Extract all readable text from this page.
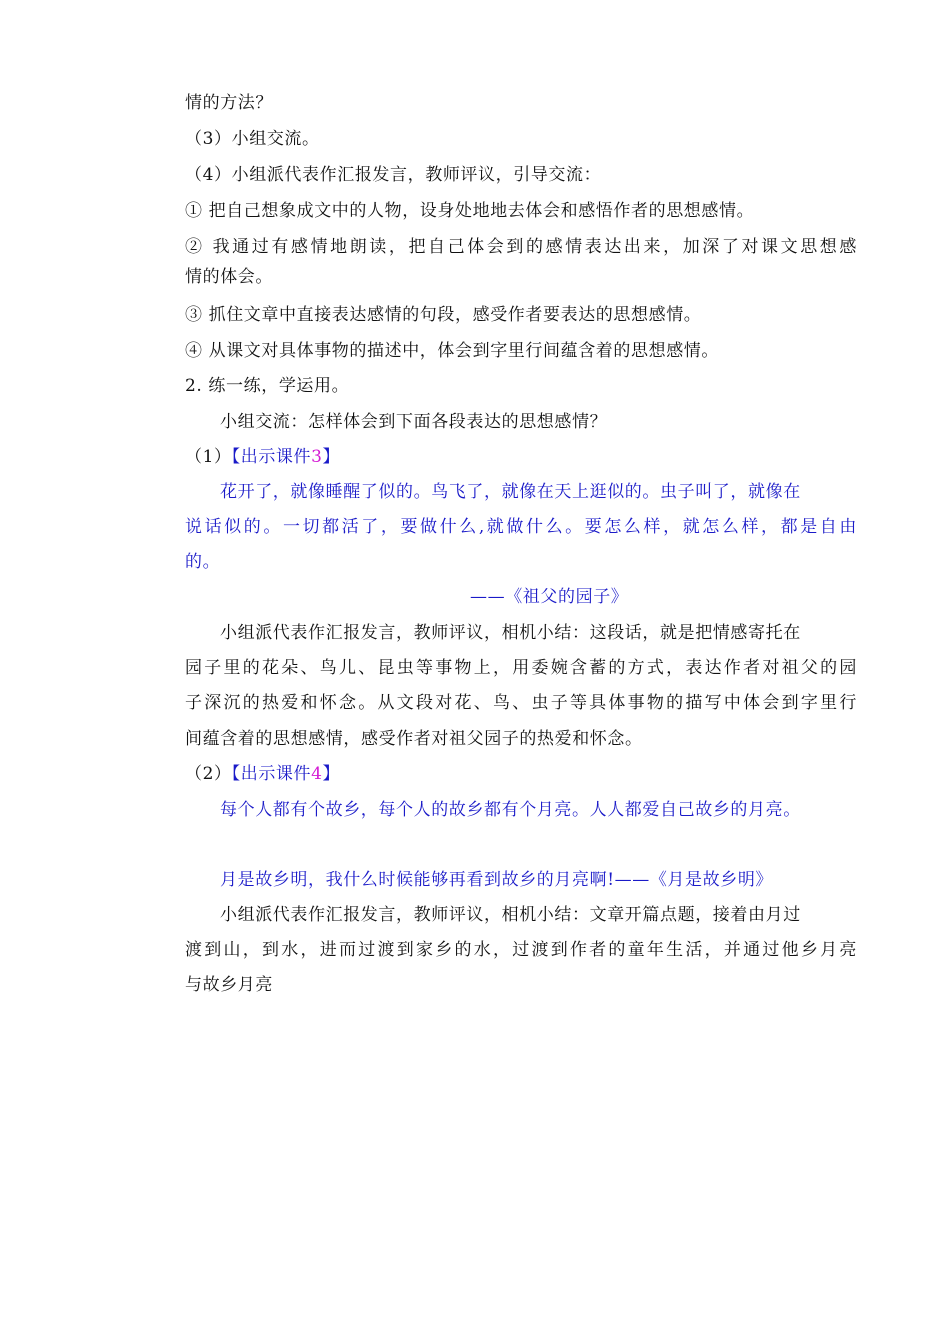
情的方法？
（3）小组交流。
（4）小组派代表作汇报发言，教师评议，引导交流：
① 把自己想象成文中的人物，设身处地地去体会和感悟作者的思想感情。
② 我通过有感情地朗读，把自己体会到的感情表达出来，加深了对课文思想感
情的体会。
③ 抓住文章中直接表达感情的句段，感受作者要表达的思想感情。
④ 从课文对具体事物的描述中，体会到字里行间蕴含着的思想感情。
2. 练一练，学运用。
小组交流：怎样体会到下面各段表达的思想感情？
（1）【出示课件3】
花开了，就像睡醒了似的。鸟飞了，就像在天上逛似的。虫子叫了，就像在
说话似的。一切都活了，要做什么,就做什么。要怎么样，就怎么样，都是自由
的。
——《祖父的园子》
小组派代表作汇报发言，教师评议，相机小结：这段话，就是把情感寄托在
园子里的花朵、鸟儿、昆虫等事物上，用委婉含蓄的方式，表达作者对祖父的园
子深沉的热爱和怀念。从文段对花、鸟、虫子等具体事物的描写中体会到字里行
间蕴含着的思想感情，感受作者对祖父园子的热爱和怀念。
（2）【出示课件4】
每个人都有个故乡，每个人的故乡都有个月亮。人人都爱自己故乡的月亮。
月是故乡明，我什么时候能够再看到故乡的月亮啊!——《月是故乡明》
小组派代表作汇报发言，教师评议，相机小结：文章开篇点题，接着由月过
渡到山，到水，进而过渡到家乡的水，过渡到作者的童年生活，并通过他乡月亮
与故乡月亮
